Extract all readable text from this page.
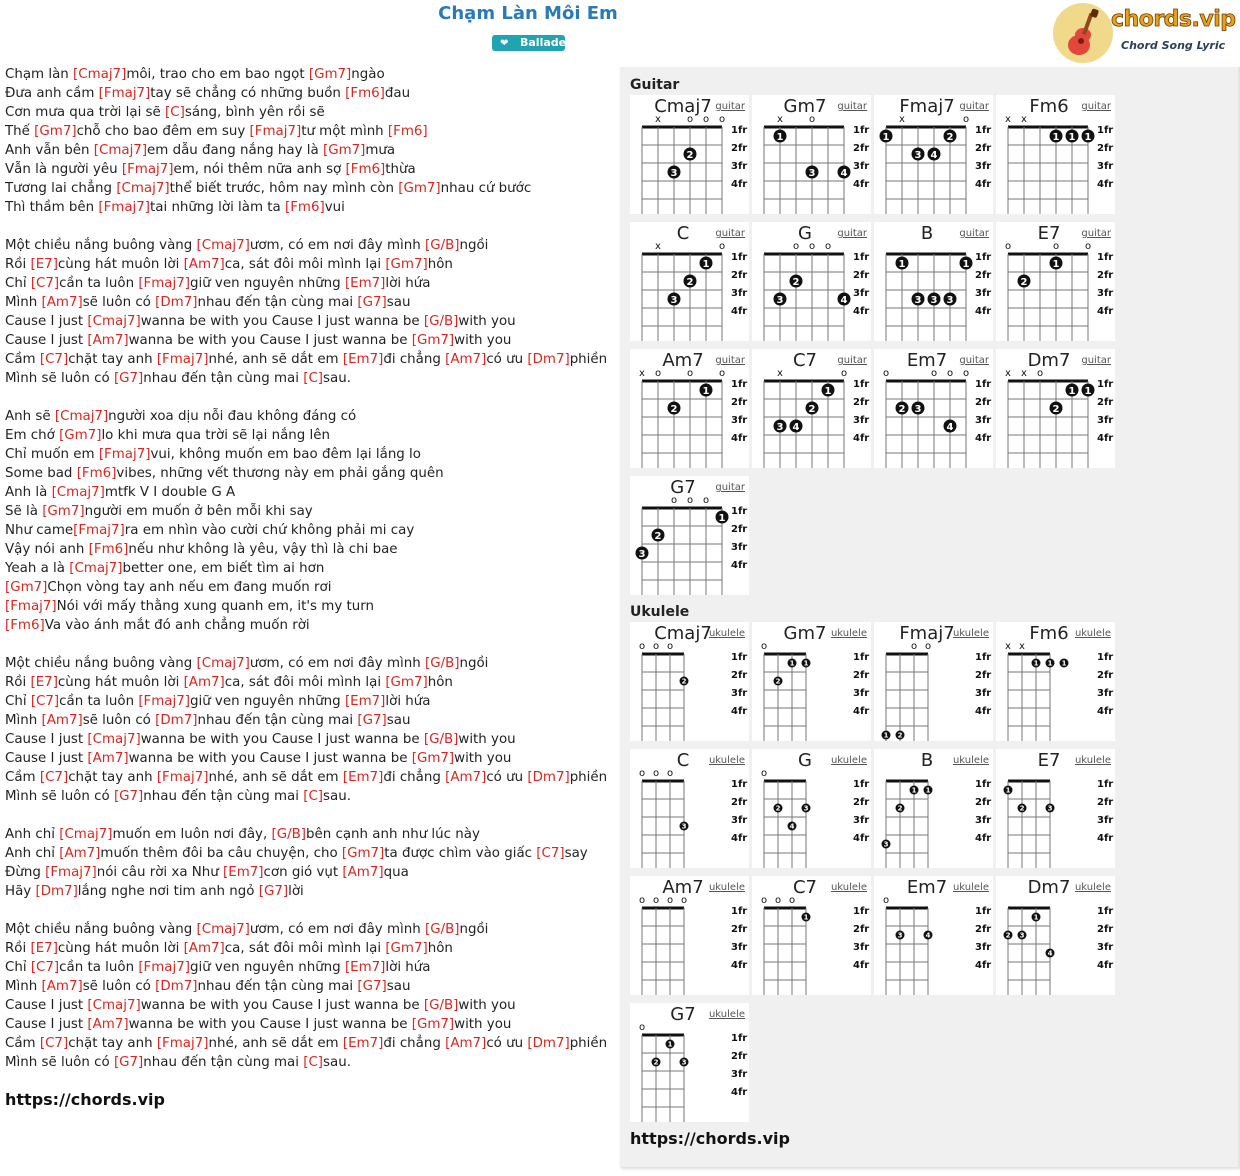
Chạm Làn Môi Em
❤ Ballade
chords.vip
Chord Song Lyric
Chạm làn [Cmaj7]môi, trao cho em bao ngọt [Gm7]ngào
Đưa anh cầm [Fmaj7]tay sẽ chẳng có những buồn [Fm6]đau
Cơn mưa qua trời lại sẽ [C]sáng, bình yên rồi sẽ
Thế [Gm7]chỗ cho bao đêm em suy [Fmaj7]tư một mình [Fm6]
Anh vẫn bên [Cmaj7]em dẫu đang nắng hay là [Gm7]mưa
Vẫn là người yêu [Fmaj7]em, nói thêm nữa anh sợ [Fm6]thừa
Tương lai chẳng [Cmaj7]thể biết trước, hôm nay mình còn [Gm7]nhau cứ bước
Thì thầm bên [Fmaj7]tai những lời làm ta [Fm6]vui
Một chiều nắng buông vàng [Cmaj7]ươm, có em nơi đây mình [G/B]ngồi
Rồi [E7]cùng hát muôn lời [Am7]ca, sát đôi môi mình lại [Gm7]hôn
Chỉ [C7]cần ta luôn [Fmaj7]giữ ven nguyên những [Em7]lời hứa
Mình [Am7]sẽ luôn có [Dm7]nhau đến tận cùng mai [G7]sau
Cause I just [Cmaj7]wanna be with you Cause I just wanna be [G/B]with you
Cause I just [Am7]wanna be with you Cause I just wanna be [Gm7]with you
Cầm [C7]chặt tay anh [Fmaj7]nhé, anh sẽ dắt em [Em7]đi chẳng [Am7]có ưu [Dm7]phiền
Mình sẽ luôn có [G7]nhau đến tận cùng mai [C]sau.
Anh sẽ [Cmaj7]người xoa dịu nỗi đau không đáng có
Em chớ [Gm7]lo khi mưa qua trời sẽ lại nắng lên
Chỉ muốn em [Fmaj7]vui, không muốn em bao đêm lại lắng lo
Some bad [Fm6]vibes, những vết thương này em phải gắng quên
Anh là [Cmaj7]mtfk V I double G A
Sẽ là [Gm7]người em muốn ở bên mỗi khi say
Như came[Fmaj7]ra em nhìn vào cười chứ không phải mi cay
Vậy nói anh [Fm6]nếu như không là yêu, vậy thì là chi bae
Yeah a là [Cmaj7]better one, em biết tìm ai hơn
[Gm7]Chọn vòng tay anh nếu em đang muốn rơi
[Fmaj7]Nói với mấy thằng xung quanh em, it's my turn
[Fm6]Va vào ánh mắt đó anh chẳng muốn rời
Một chiều nắng buông vàng [Cmaj7]ươm, có em nơi đây mình [G/B]ngồi
Rồi [E7]cùng hát muôn lời [Am7]ca, sát đôi môi mình lại [Gm7]hôn
Chỉ [C7]cần ta luôn [Fmaj7]giữ ven nguyên những [Em7]lời hứa
Mình [Am7]sẽ luôn có [Dm7]nhau đến tận cùng mai [G7]sau
Cause I just [Cmaj7]wanna be with you Cause I just wanna be [G/B]with you
Cause I just [Am7]wanna be with you Cause I just wanna be [Gm7]with you
Cầm [C7]chặt tay anh [Fmaj7]nhé, anh sẽ dắt em [Em7]đi chẳng [Am7]có ưu [Dm7]phiền
Mình sẽ luôn có [G7]nhau đến tận cùng mai [C]sau.
Anh chỉ [Cmaj7]muốn em luôn nơi đây, [G/B]bên cạnh anh như lúc này
Anh chỉ [Am7]muốn thêm đôi ba câu chuyện, cho [Gm7]ta được chìm vào giấc [C7]say
Đừng [Fmaj7]nói câu rời xa Như [Em7]cơn gió vụt [Am7]qua
Hãy [Dm7]lắng nghe nơi tim anh ngỏ [G7]lời
Một chiều nắng buông vàng [Cmaj7]ươm, có em nơi đây mình [G/B]ngồi
Rồi [E7]cùng hát muôn lời [Am7]ca, sát đôi môi mình lại [Gm7]hôn
Chỉ [C7]cần ta luôn [Fmaj7]giữ ven nguyên những [Em7]lời hứa
Mình [Am7]sẽ luôn có [Dm7]nhau đến tận cùng mai [G7]sau
Cause I just [Cmaj7]wanna be with you Cause I just wanna be [G/B]with you
Cause I just [Am7]wanna be with you Cause I just wanna be [Gm7]with you
Cầm [C7]chặt tay anh [Fmaj7]nhé, anh sẽ dắt em [Em7]đi chẳng [Am7]có ưu [Dm7]phiền
Mình sẽ luôn có [G7]nhau đến tận cùng mai [C]sau.
https://chords.vip
Guitar
1fr
2fr
3fr
4fr
x	o o o
3
2
Cmaj7 guitar
1fr
2fr
3fr
4fr
x	o
1
3	4
Gm7	guitar
1fr
2fr
3fr
4fr
x	o
1	2
3 4
Fmaj7 guitar
1fr
2fr
3fr
4fr
x x
1 1 1
Fm6	guitar
1fr
2fr
3fr
4fr
x	o
1
2
3
C	guitar
1fr
2fr
3fr
4fr
o o o
2
3	4
G	guitar
1fr
2fr
3fr
4fr
1	1
3 3 3
B	guitar
1fr
2fr
3fr
4fr
o	o	o
1
2
E7	guitar
1fr
2fr
3fr
4fr
x o	o	o
1
2
Am7	guitar
1fr
2fr
3fr
4fr
x	o
1
2
3 4
C7	guitar
1fr
2fr
3fr
4fr
o	o o o
2 3
4
Em7	guitar
1fr
2fr
3fr
4fr
x x o
1 1
2
Dm7	guitar
1fr
2fr
3fr
4fr
o o o
1
2
3
G7	guitar
Ukulele
1fr
2fr
3fr
4fr
o o o
2
Cmaj7
ukulele
1fr
2fr
3fr
4fr
o
1 1
2
Gm7 ukulele
1fr
2fr
3fr
4fr
o o
1 2
Fmaj7
ukulele
1fr
2fr
3fr
4fr
x x
1 1 1
Fm6 ukulele
1fr
2fr
3fr
4fr
o o o
3
C	ukulele
1fr
2fr
3fr
4fr
o
2	3
4
G	ukulele
1fr
2fr
3fr
4fr
1 1
2
3
B	ukulele
1fr
2fr
3fr
4fr
1
2	3
E7	ukulele
1fr
2fr
3fr
4fr
o o o o
Am7 ukulele
1fr
2fr
3fr
4fr
o o o
1
C7	ukulele
1fr
2fr
3fr
4fr
o
3	4
Em7 ukulele
1fr
2fr
3fr
4fr
1
2 3
4
Dm7 ukulele
1fr
2fr
3fr
4fr
o
1
2	3
G7	ukulele
https://chords.vip
